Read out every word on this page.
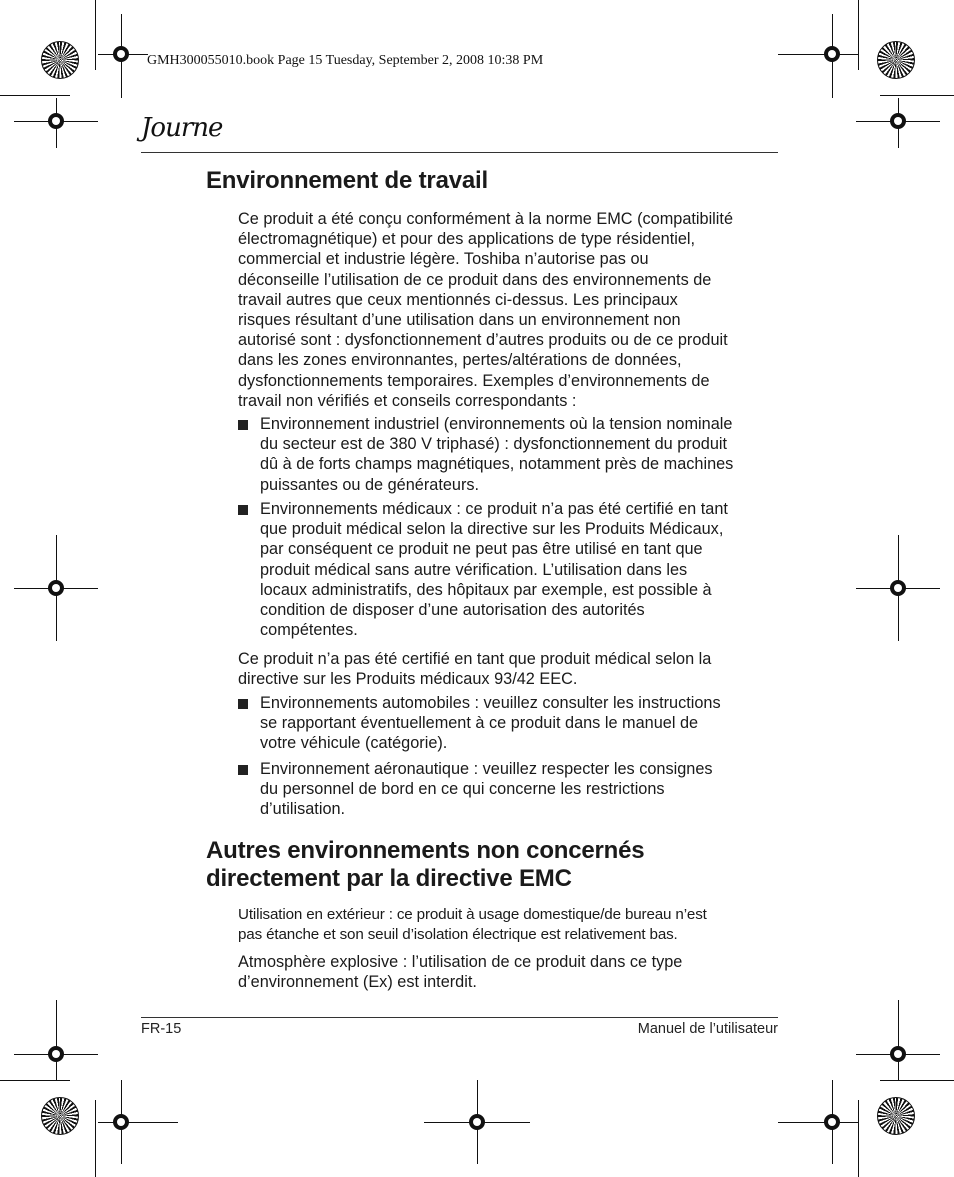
GMH300055010.book Page 15 Tuesday, September 2, 2008 10:38 PM
Journe
Environnement de travail
Ce produit a été conçu conformément à la norme EMC (compatibilité
électromagnétique) et pour des applications de type résidentiel,
commercial et industrie légère. Toshiba n’autorise pas ou
déconseille l’utilisation de ce produit dans des environnements de
travail autres que ceux mentionnés ci-dessus. Les principaux
risques résultant d’une utilisation dans un environnement non
autorisé sont : dysfonctionnement d’autres produits ou de ce produit
dans les zones environnantes, pertes/altérations de données,
dysfonctionnements temporaires. Exemples d’environnements de
travail non vérifiés et conseils correspondants :
Environnement industriel (environnements où la tension nominale
du secteur est de 380 V triphasé) : dysfonctionnement du produit
dû à de forts champs magnétiques, notamment près de machines
puissantes ou de générateurs.
Environnements médicaux : ce produit n’a pas été certifié en tant
que produit médical selon la directive sur les Produits Médicaux,
par conséquent ce produit ne peut pas être utilisé en tant que
produit médical sans autre vérification. L’utilisation dans les
locaux administratifs, des hôpitaux par exemple, est possible à
condition de disposer d’une autorisation des autorités
compétentes.
Ce produit n’a pas été certifié en tant que produit médical selon la
directive sur les Produits médicaux 93/42 EEC.
Environnements automobiles : veuillez consulter les instructions
se rapportant éventuellement à ce produit dans le manuel de
votre véhicule (catégorie).
Environnement aéronautique : veuillez respecter les consignes
du personnel de bord en ce qui concerne les restrictions
d’utilisation.
Autres environnements non concernés
directement par la directive EMC
Utilisation en extérieur : ce produit à usage domestique/de bureau n’est
pas étanche et son seuil d’isolation électrique est relativement bas.
Atmosphère explosive : l’utilisation de ce produit dans ce type
d’environnement (Ex) est interdit.
FR-15	Manuel de l’utilisateur
